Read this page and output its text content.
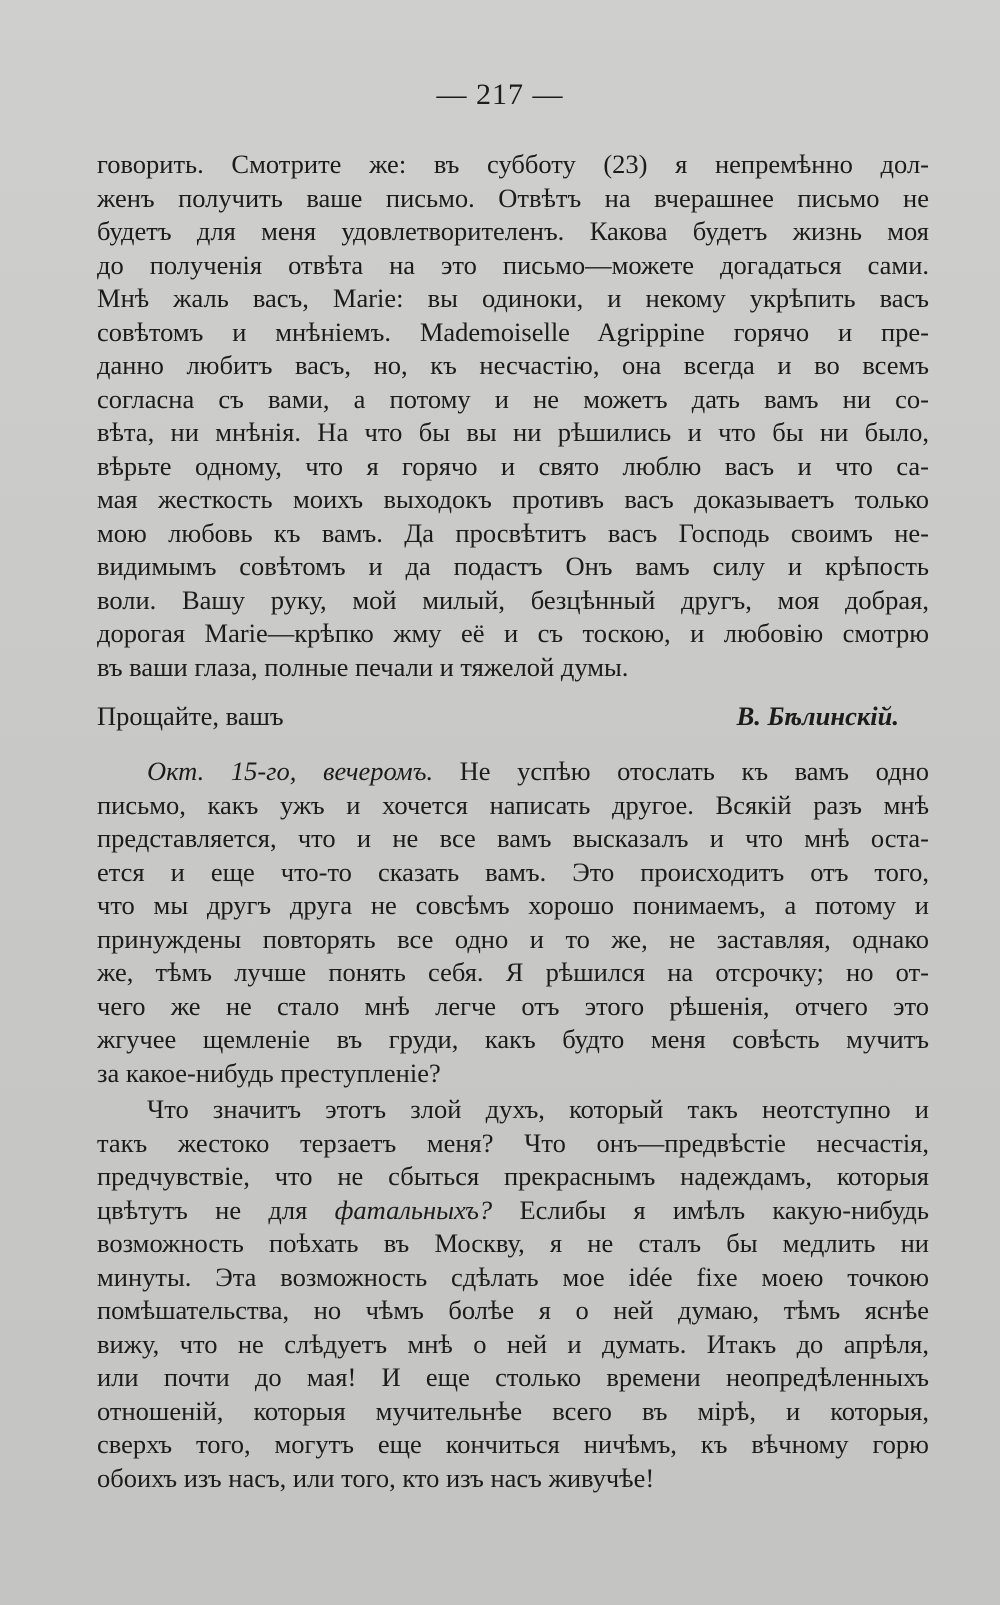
— 217 —
говорить. Смотрите же: въ субботу (23) я непремѣнно дол-
женъ получить ваше письмо. Отвѣтъ на вчерашнее письмо не
будетъ для меня удовлетворителенъ. Какова будетъ жизнь моя
до полученія отвѣта на это письмо—можете догадаться сами.
Мнѣ жаль васъ, Marie: вы одиноки, и некому укрѣпить васъ
совѣтомъ и мнѣніемъ. Mademoiselle Agrippine горячо и пре-
данно любитъ васъ, но, къ несчастію, она всегда и во всемъ
согласна съ вами, а потому и не можетъ дать вамъ ни со-
вѣта, ни мнѣнія. На что бы вы ни рѣшились и что бы ни было,
вѣрьте одному, что я горячо и свято люблю васъ и что са-
мая жесткость моихъ выходокъ противъ васъ доказываетъ только
мою любовь къ вамъ. Да просвѣтитъ васъ Господь своимъ не-
видимымъ совѣтомъ и да подастъ Онъ вамъ силу и крѣпость
воли. Вашу руку, мой милый, безцѣнный другъ, моя добрая,
дорогая Marie—крѣпко жму её и съ тоскою, и любовію смотрю
въ ваши глаза, полные печали и тяжелой думы.
Прощайте, вашъ	В. Бѣлинскій.
Окт. 15-го, вечеромъ. Не успѣю отослать къ вамъ одно
письмо, какъ ужъ и хочется написать другое. Всякій разъ мнѣ
представляется, что и не все вамъ высказалъ и что мнѣ оста-
ется и еще что-то сказать вамъ. Это происходитъ отъ того,
что мы другъ друга не совсѣмъ хорошо понимаемъ, а потому и
принуждены повторять все одно и то же, не заставляя, однако
же, тѣмъ лучше понять себя. Я рѣшился на отсрочку; но от-
чего же не стало мнѣ легче отъ этого рѣшенія, отчего это
жгучее щемленіе въ груди, какъ будто меня совѣсть мучитъ
за какое-нибудь преступленіе?
Что значитъ этотъ злой духъ, который такъ неотступно и
такъ жестоко терзаетъ меня? Что онъ—предвѣстіе несчастія,
предчувствіе, что не сбыться прекраснымъ надеждамъ, которыя
цвѣтутъ не для фатальныхъ? Еслибы я имѣлъ какую-нибудь
возможность поѣхать въ Москву, я не сталъ бы медлить ни
минуты. Эта возможность сдѣлать мое idée fixe моею точкою
помѣшательства, но чѣмъ болѣе я о ней думаю, тѣмъ яснѣе
вижу, что не слѣдуетъ мнѣ о ней и думать. Итакъ до апрѣля,
или почти до мая! И еще столько времени неопредѣленныхъ
отношеній, которыя мучительнѣе всего въ мірѣ, и которыя,
сверхъ того, могутъ еще кончиться ничѣмъ, къ вѣчному горю
обоихъ изъ насъ, или того, кто изъ насъ живучѣе!
